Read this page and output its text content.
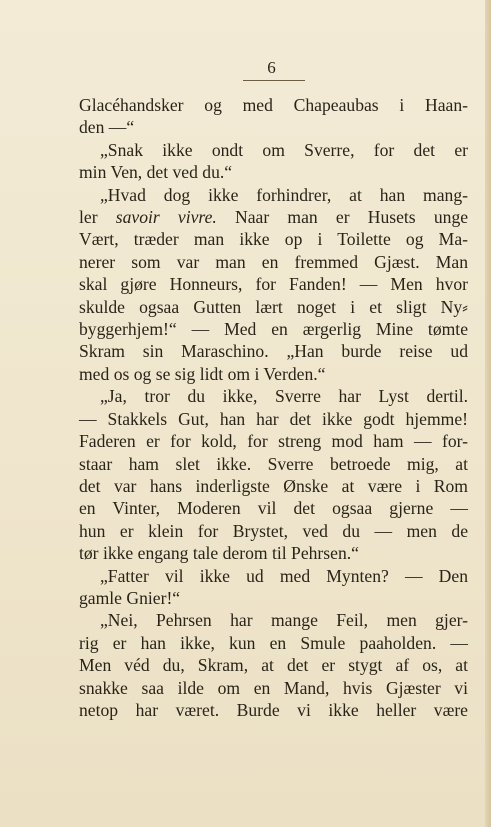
6
Glacéhandsker og med Chapeaubas i Haan-
den —“
„Snak ikke ondt om Sverre, for det er
min Ven, det ved du.“
„Hvad dog ikke forhindrer, at han mang-
ler savoir vivre. Naar man er Husets unge
Vært, træder man ikke op i Toilette og Ma-
nerer som var man en fremmed Gjæst. Man
skal gjøre Honneurs, for Fanden! — Men hvor
skulde ogsaa Gutten lært noget i et sligt Ny⸗
byggerhjem!“ — Med en ærgerlig Mine tømte
Skram sin Maraschino. „Han burde reise ud
med os og se sig lidt om i Verden.“
„Ja, tror du ikke, Sverre har Lyst dertil.
— Stakkels Gut, han har det ikke godt hjemme!
Faderen er for kold, for streng mod ham — for-
staar ham slet ikke. Sverre betroede mig, at
det var hans inderligste Ønske at være i Rom
en Vinter, Moderen vil det ogsaa gjerne —
hun er klein for Brystet, ved du — men de
tør ikke engang tale derom til Pehrsen.“
„Fatter vil ikke ud med Mynten? — Den
gamle Gnier!“
„Nei, Pehrsen har mange Feil, men gjer-
rig er han ikke, kun en Smule paaholden. —
Men véd du, Skram, at det er stygt af os, at
snakke saa ilde om en Mand, hvis Gjæster vi
netop har været. Burde vi ikke heller være
